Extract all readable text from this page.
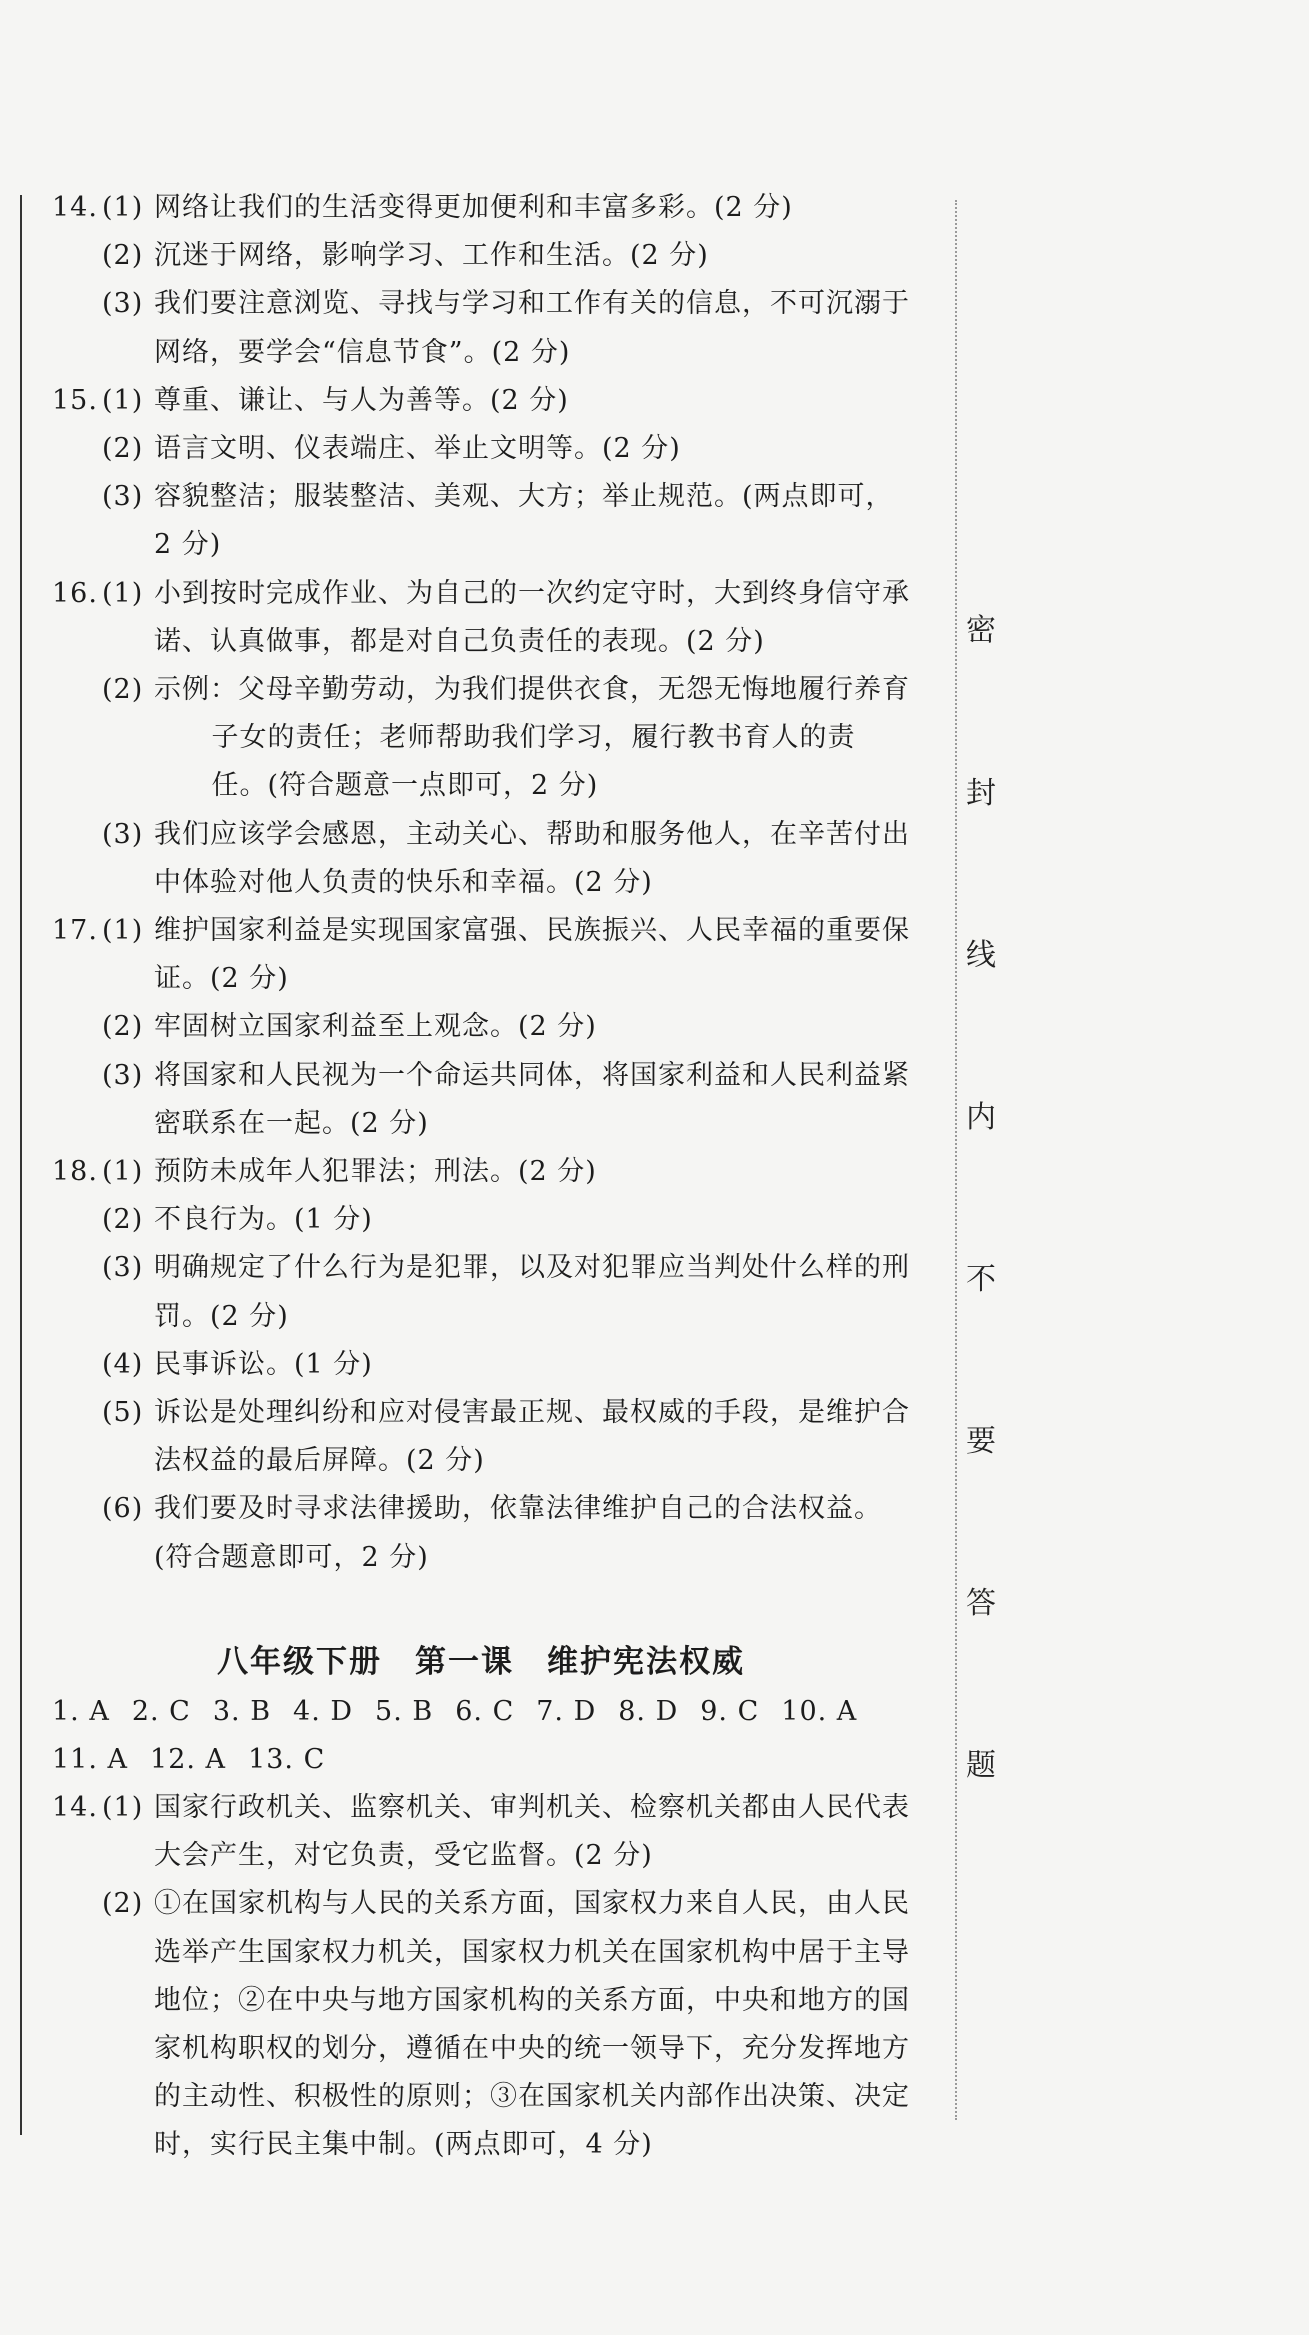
密
封
线
内
不
要
答
题
14. (1) 网络让我们的生活变得更加便利和丰富多彩。(2 分)
(2) 沉迷于网络，影响学习、工作和生活。(2 分)
(3) 我们要注意浏览、寻找与学习和工作有关的信息，不可沉溺于
网络，要学会“信息节食”。(2 分)
15. (1) 尊重、谦让、与人为善等。(2 分)
(2) 语言文明、仪表端庄、举止文明等。(2 分)
(3) 容貌整洁；服装整洁、美观、大方；举止规范。(两点即可，
2 分)
16. (1) 小到按时完成作业、为自己的一次约定守时，大到终身信守承
诺、认真做事，都是对自己负责任的表现。(2 分)
(2) 示例：父母辛勤劳动，为我们提供衣食，无怨无悔地履行养育
子女的责任；老师帮助我们学习，履行教书育人的责
任。(符合题意一点即可，2 分)
(3) 我们应该学会感恩，主动关心、帮助和服务他人，在辛苦付出
中体验对他人负责的快乐和幸福。(2 分)
17. (1) 维护国家利益是实现国家富强、民族振兴、人民幸福的重要保
证。(2 分)
(2) 牢固树立国家利益至上观念。(2 分)
(3) 将国家和人民视为一个命运共同体，将国家利益和人民利益紧
密联系在一起。(2 分)
18. (1) 预防未成年人犯罪法；刑法。(2 分)
(2) 不良行为。(1 分)
(3) 明确规定了什么行为是犯罪，以及对犯罪应当判处什么样的刑
罚。(2 分)
(4) 民事诉讼。(1 分)
(5) 诉讼是处理纠纷和应对侵害最正规、最权威的手段，是维护合
法权益的最后屏障。(2 分)
(6) 我们要及时寻求法律援助，依靠法律维护自己的合法权益。
(符合题意即可，2 分)
八年级下册　第一课　维护宪法权威
1. A 2. C 3. B 4. D 5. B 6. C 7. D 8. D 9. C 10. A
11. A 12. A 13. C
14. (1) 国家行政机关、监察机关、审判机关、检察机关都由人民代表
大会产生，对它负责，受它监督。(2 分)
(2) ①在国家机构与人民的关系方面，国家权力来自人民，由人民
选举产生国家权力机关，国家权力机关在国家机构中居于主导
地位；②在中央与地方国家机构的关系方面，中央和地方的国
家机构职权的划分，遵循在中央的统一领导下，充分发挥地方
的主动性、积极性的原则；③在国家机关内部作出决策、决定
时，实行民主集中制。(两点即可，4 分)
